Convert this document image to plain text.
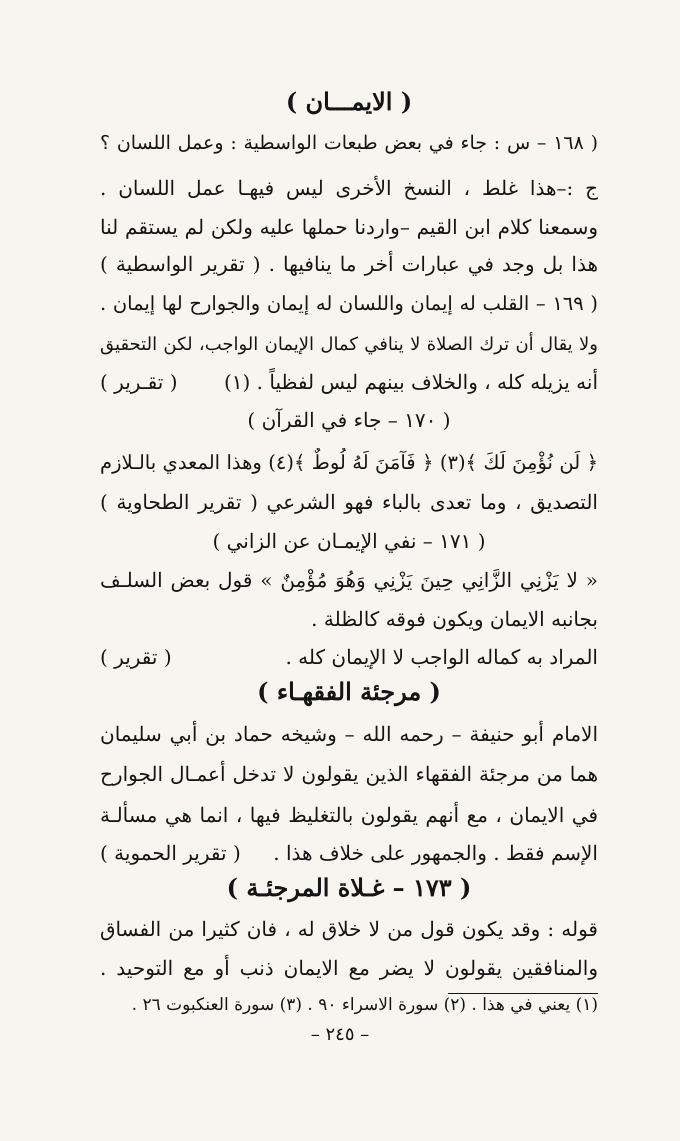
( الايمـــان )
( ١٦٨ – س : جاء في بعض طبعات الواسطية : وعمل اللسان ؟
ج :–هذا غلط ، النسخ الأخرى ليس فيهـا عمل اللسان .
وسمعنا كلام ابن القيم –واردنا حملها عليه ولكن لم يستقم لنا
هذا بل وجد في عبارات أخر ما ينافيها . ( تقرير الواسطية )
( ١٦٩ – القلب له إيمان واللسان له إيمان والجوارح لها إيمان .
ولا يقال أن ترك الصلاة لا ينافي كمال الإيمان الواجب، لكن التحقيق
أنه يزيله كله ، والخلاف بينهم ليس لفظياً . (١)
( تقـرير )
( ١٧٠ – جاء في القرآن )
﴿ لَن نُؤْمِنَ لَكَ ﴾(٣) ﴿ فَآمَنَ لَهُ لُوطٌ ﴾(٤) وهذا المعدي بالـلازم
التصديق ، وما تعدى بالباء فهو الشرعي ( تقرير الطحاوية )
( ١٧١ – نفي الإيمـان عن الزاني )
« لا يَزْنِي الزَّانِي حِينَ يَزْنِي وَهُوَ مُؤْمِنٌ » قول بعض السلـف
بجانبه الايمان ويكون فوقه كالظلة .
المراد به كماله الواجب لا الإيمان كله .
( تقرير )
( مرجئة الفقهـاء )
الامام أبو حنيفة – رحمه الله – وشيخه حماد بن أبي سليمان
هما من مرجئة الفقهاء الذين يقولون لا تدخل أعمـال الجوارح
في الايمان ، مع أنهم يقولون بالتغليظ فيها ، انما هي مسألـة
الإسم فقط . والجمهور على خلاف هذا .
( تقرير الحموية )
( ١٧٣ – غـلاة المرجئـة )
قوله : وقد يكون قول من لا خلاق له ، فان كثيرا من الفساق
والمنافقين يقولون لا يضر مع الايمان ذنب أو مع التوحيد .
(١) يعني في هذا . (٢) سورة الاسراء ٩٠ . (٣) سورة العنكبوت ٢٦ .
– ٢٤٥ –
